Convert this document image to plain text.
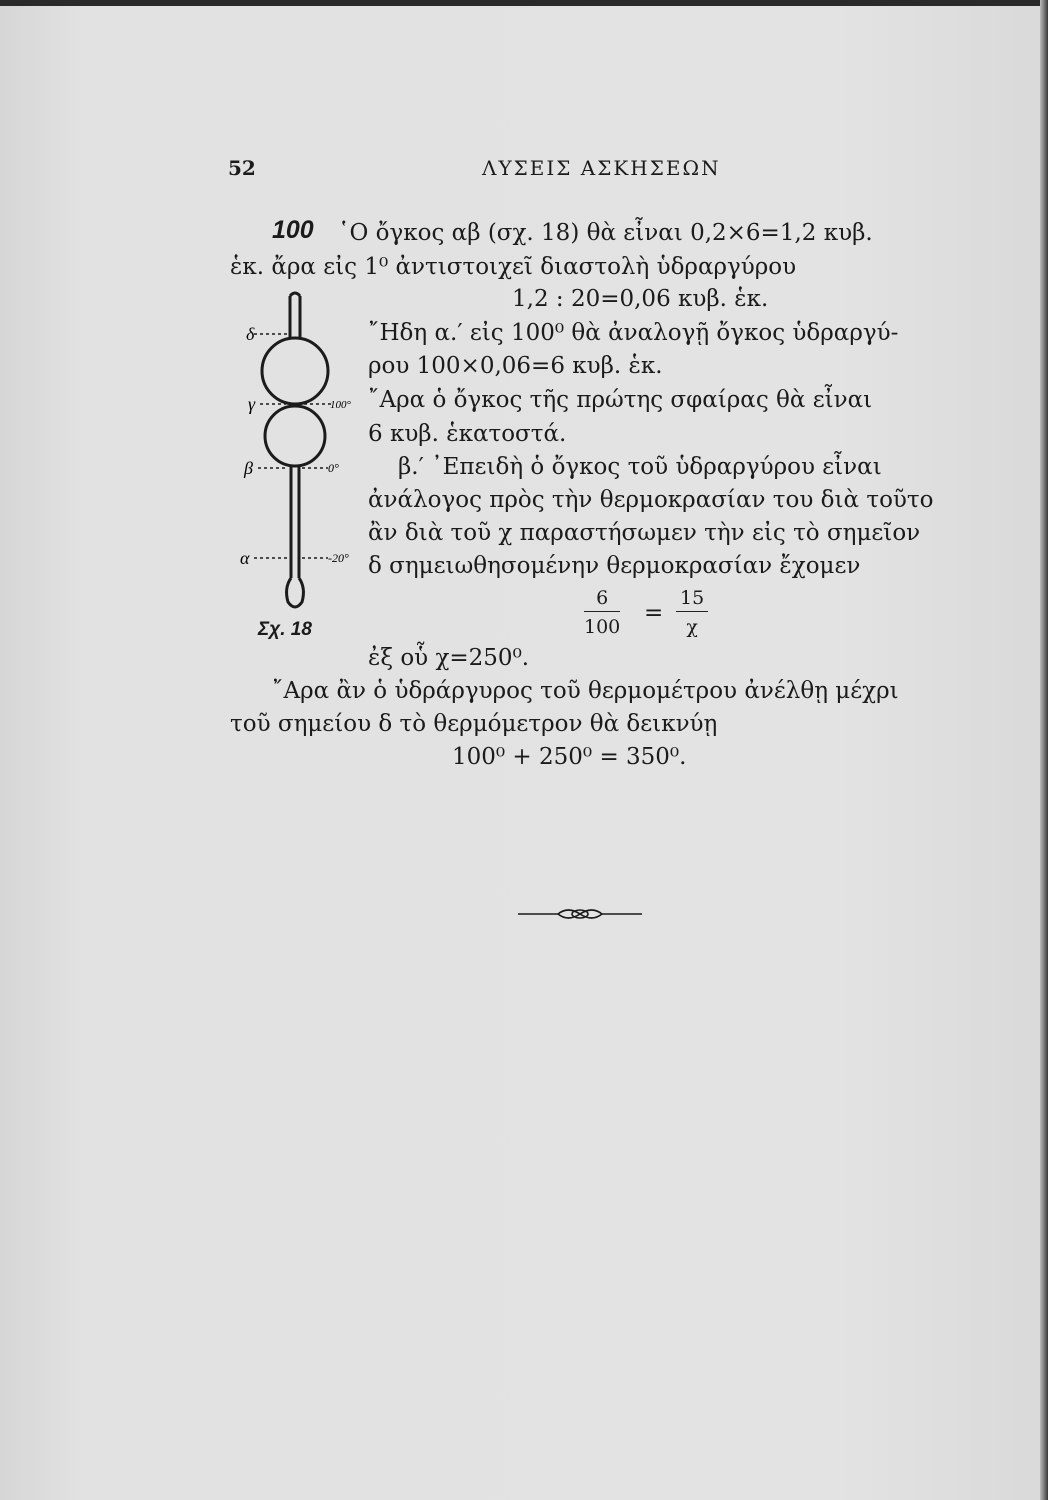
52	ΛΥΣΕΙΣ ΑΣΚΗΣΕΩΝ
100 ῾Ο ὄγκος αβ (σχ. 18) θὰ εἶναι 0,2×6=1,2 κυβ.
ἑκ. ἄρα εἰς 1⁰ ἀντιστοιχεῖ διαστολὴ ὑδραργύρου
1,2 : 20=0,06 κυβ. ἑκ.
῎Ηδη α.′ εἰς 100⁰ θὰ ἀναλογῇ ὄγκος ὑδραργύ-
ρου 100×0,06=6 κυβ. ἑκ.
῎Αρα ὁ ὄγκος τῆς πρώτης σφαίρας θὰ εἶναι
6 κυβ. ἑκατοστά.
β.′ ᾽Επειδὴ ὁ ὄγκος τοῦ ὑδραργύρου εἶναι
ἀνάλογος πρὸς τὴν θερμοκρασίαν του διὰ τοῦτο
ἂν διὰ τοῦ χ παραστήσωμεν τὴν εἰς τὸ σημεῖον
δ σημειωθησομένην θερμοκρασίαν ἔχομεν
$\frac{6}{100} = \frac{15}{\chi}$
ἐξ οὗ χ=250⁰.
῎Αρα ἂν ὁ ὑδράργυρος τοῦ θερμομέτρου ἀνέλθῃ μέχρι
τοῦ σημείου δ τὸ θερμόμετρον θὰ δεικνύῃ
100⁰ + 250⁰ = 350⁰.
δ
γ
β
α
100°
0°
-20°
Σχ. 18
